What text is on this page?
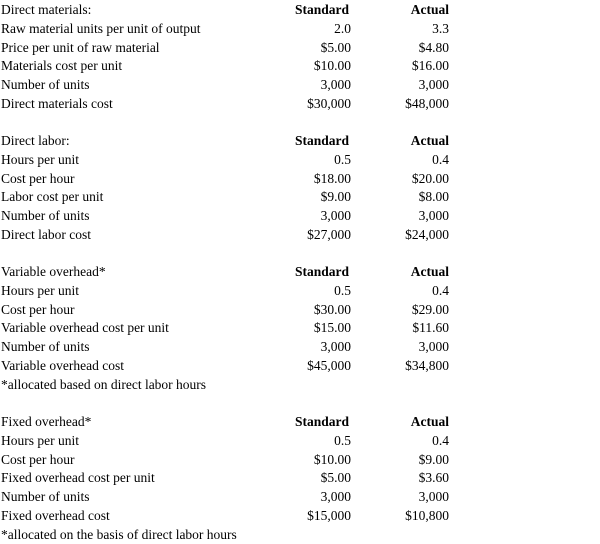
Direct materials:	Standard	Actual
Raw material units per unit of output	2.0	3.3
Price per unit of raw material	$5.00	$4.80
Materials cost per unit	$10.00	$16.00
Number of units	3,000	3,000
Direct materials cost	$30,000	$48,000
Direct labor:	Standard	Actual
Hours per unit	0.5	0.4
Cost per hour	$18.00	$20.00
Labor cost per unit	$9.00	$8.00
Number of units	3,000	3,000
Direct labor cost	$27,000	$24,000
Variable overhead*	Standard	Actual
Hours per unit	0.5	0.4
Cost per hour	$30.00	$29.00
Variable overhead cost per unit	$15.00	$11.60
Number of units	3,000	3,000
Variable overhead cost	$45,000	$34,800
*allocated based on direct labor hours
Fixed overhead*	Standard	Actual
Hours per unit	0.5	0.4
Cost per hour	$10.00	$9.00
Fixed overhead cost per unit	$5.00	$3.60
Number of units	3,000	3,000
Fixed overhead cost	$15,000	$10,800
*allocated on the basis of direct labor hours
